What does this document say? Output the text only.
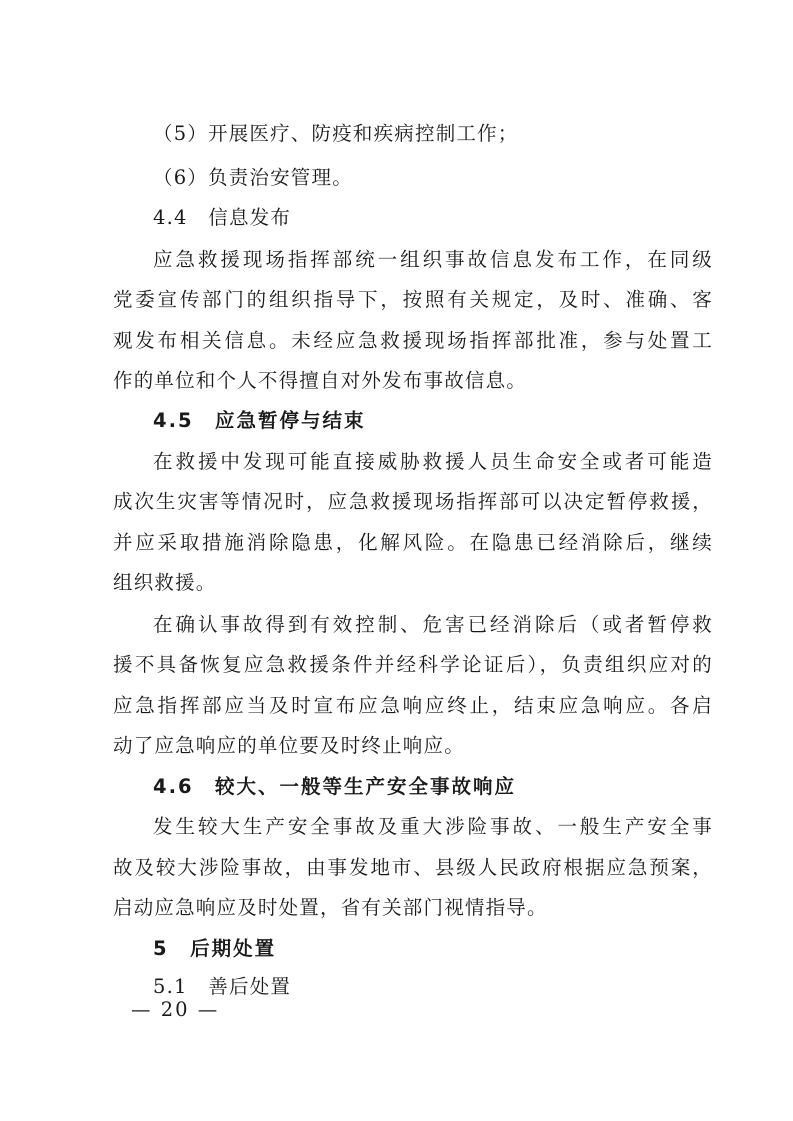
（5）开展医疗、防疫和疾病控制工作；
（6）负责治安管理。
4.4　信息发布
应急救援现场指挥部统一组织事故信息发布工作，在同级
党委宣传部门的组织指导下，按照有关规定，及时、准确、客
观发布相关信息。未经应急救援现场指挥部批准，参与处置工
作的单位和个人不得擅自对外发布事故信息。
4.5　应急暂停与结束
在救援中发现可能直接威胁救援人员生命安全或者可能造
成次生灾害等情况时，应急救援现场指挥部可以决定暂停救援，
并应采取措施消除隐患，化解风险。在隐患已经消除后，继续
组织救援。
在确认事故得到有效控制、危害已经消除后（或者暂停救
援不具备恢复应急救援条件并经科学论证后），负责组织应对的
应急指挥部应当及时宣布应急响应终止，结束应急响应。各启
动了应急响应的单位要及时终止响应。
4.6　较大、一般等生产安全事故响应
发生较大生产安全事故及重大涉险事故、一般生产安全事
故及较大涉险事故，由事发地市、县级人民政府根据应急预案，
启动应急响应及时处置，省有关部门视情指导。
5　后期处置
5.1　善后处置
— 20 —
